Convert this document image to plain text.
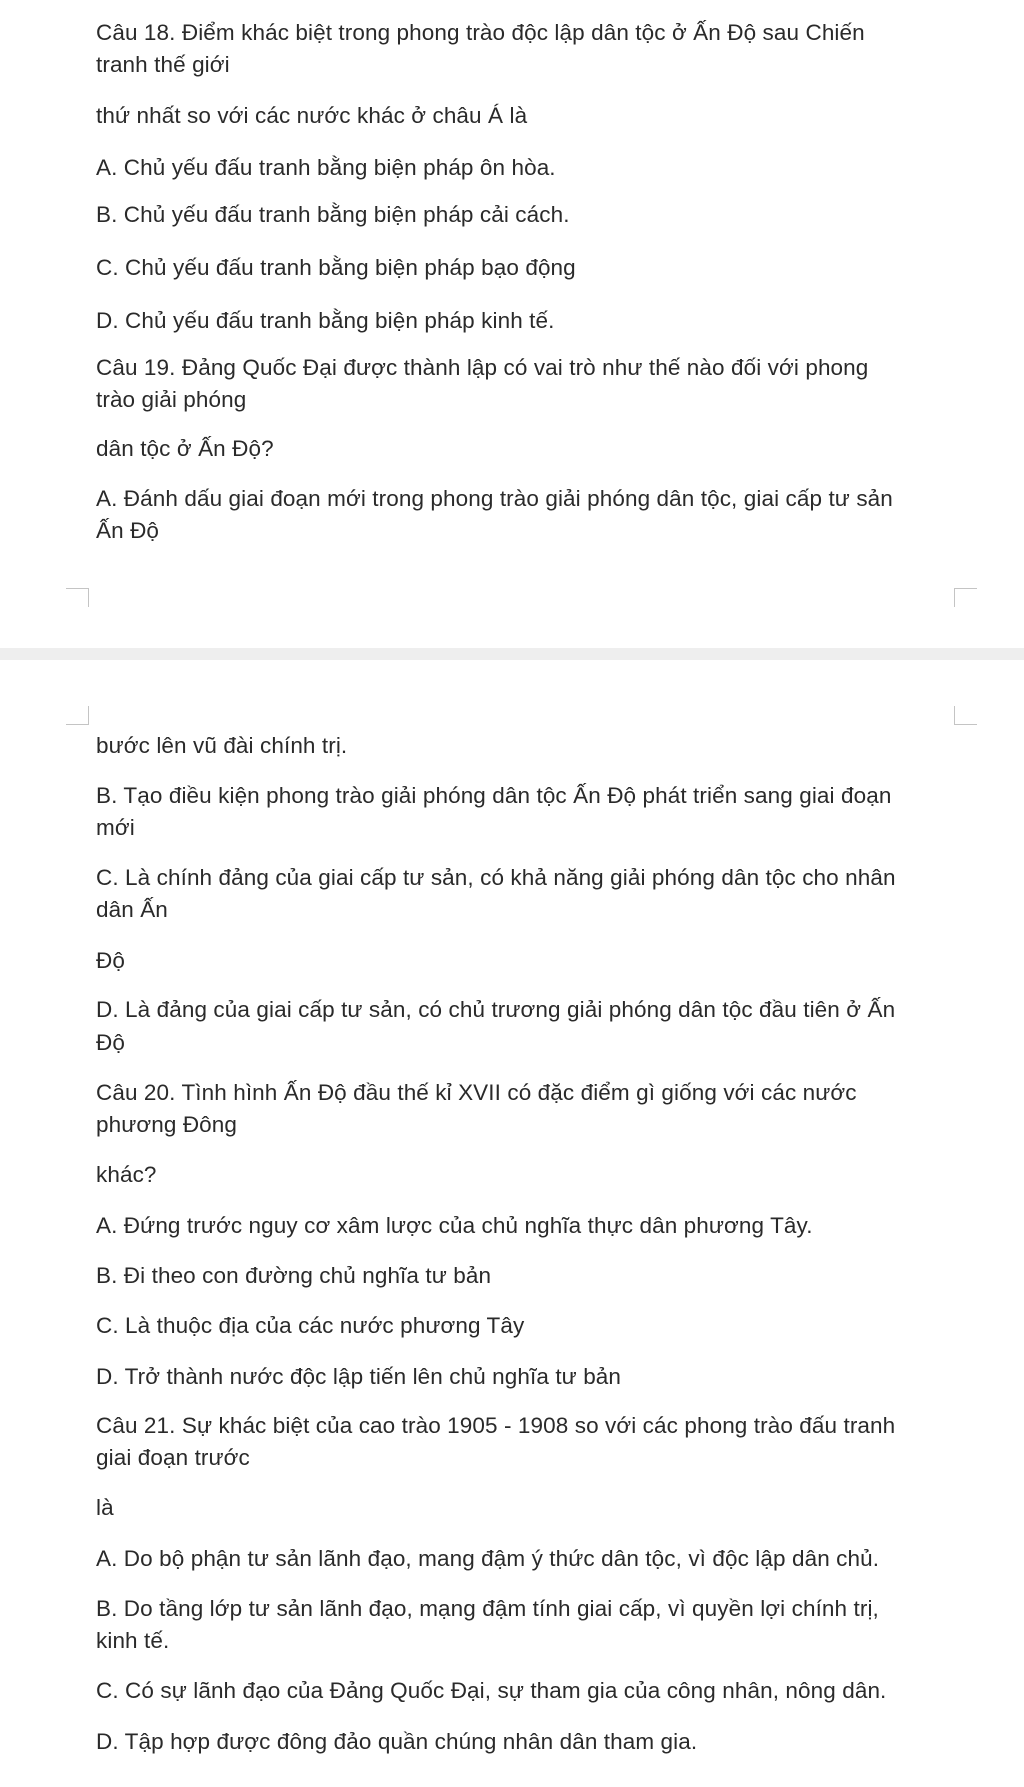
Câu 18. Điểm khác biệt trong phong trào độc lập dân tộc ở Ấn Độ sau Chiến
tranh thế giới
thứ nhất so với các nước khác ở châu Á là
A. Chủ yếu đấu tranh bằng biện pháp ôn hòa.
B. Chủ yếu đấu tranh bằng biện pháp cải cách.
C. Chủ yếu đấu tranh bằng biện pháp bạo động
D. Chủ yếu đấu tranh bằng biện pháp kinh tế.
Câu 19. Đảng Quốc Đại được thành lập có vai trò như thế nào đối với phong
trào giải phóng
dân tộc ở Ấn Độ?
A. Đánh dấu giai đoạn mới trong phong trào giải phóng dân tộc, giai cấp tư sản
Ấn Độ
bước lên vũ đài chính trị.
B. Tạo điều kiện phong trào giải phóng dân tộc Ấn Độ phát triển sang giai đoạn
mới
C. Là chính đảng của giai cấp tư sản, có khả năng giải phóng dân tộc cho nhân
dân Ấn
Độ
D. Là đảng của giai cấp tư sản, có chủ trương giải phóng dân tộc đầu tiên ở Ấn
Độ
Câu 20. Tình hình Ấn Độ đầu thế kỉ XVII có đặc điểm gì giống với các nước
phương Đông
khác?
A. Đứng trước nguy cơ xâm lược của chủ nghĩa thực dân phương Tây.
B. Đi theo con đường chủ nghĩa tư bản
C. Là thuộc địa của các nước phương Tây
D. Trở thành nước độc lập tiến lên chủ nghĩa tư bản
Câu 21. Sự khác biệt của cao trào 1905 - 1908 so với các phong trào đấu tranh
giai đoạn trước
là
A. Do bộ phận tư sản lãnh đạo, mang đậm ý thức dân tộc, vì độc lập dân chủ.
B. Do tầng lớp tư sản lãnh đạo, mạng đậm tính giai cấp, vì quyền lợi chính trị,
kinh tế.
C. Có sự lãnh đạo của Đảng Quốc Đại, sự tham gia của công nhân, nông dân.
D. Tập hợp được đông đảo quần chúng nhân dân tham gia.
